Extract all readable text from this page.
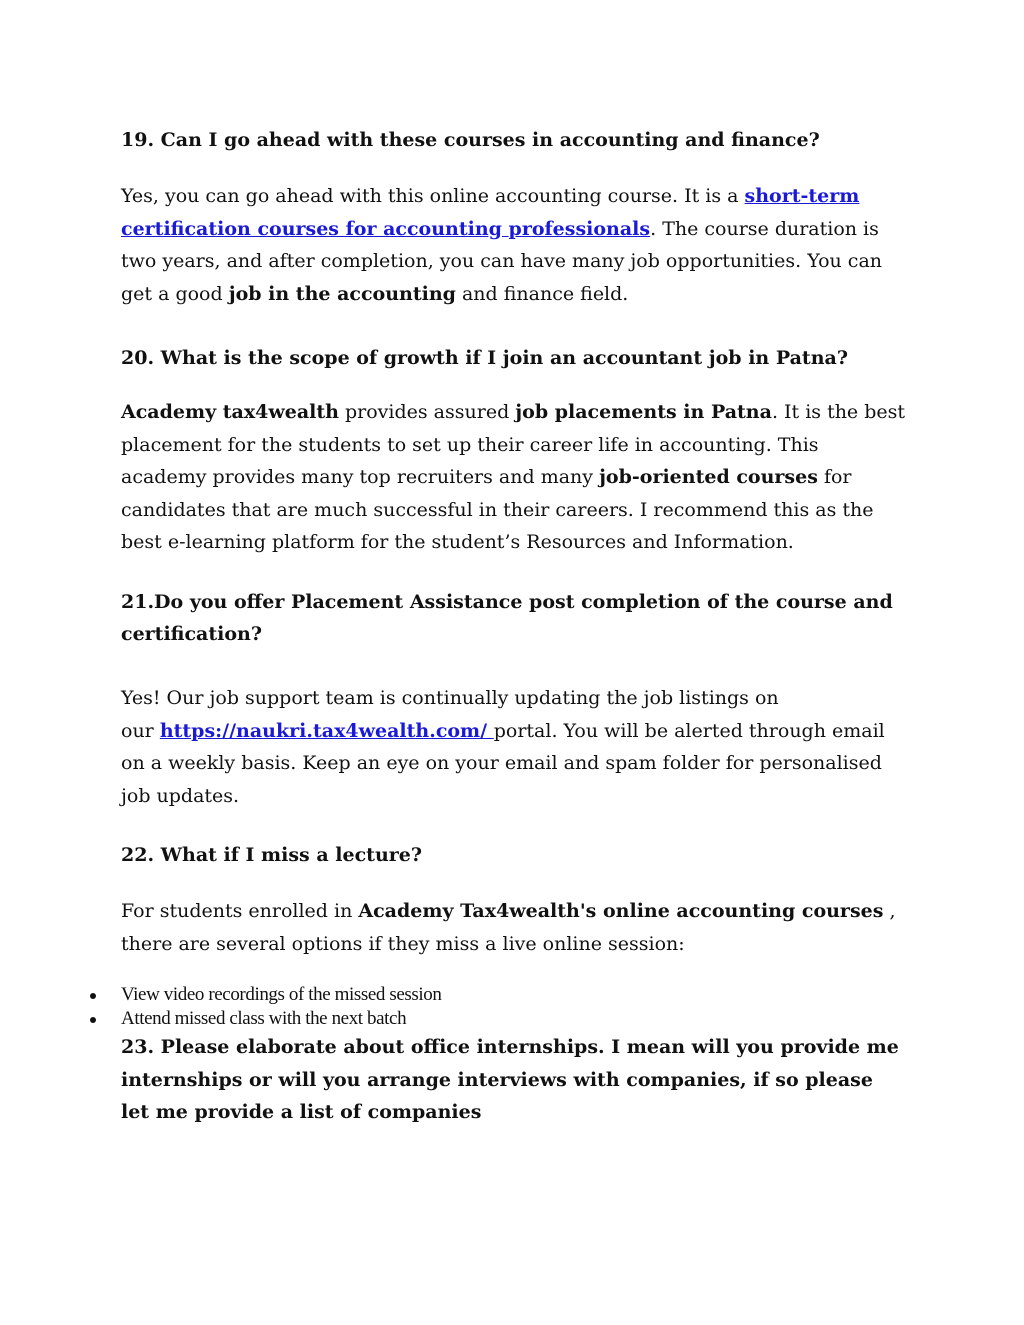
19. Can I go ahead with these courses in accounting and finance?

Yes, you can go ahead with this online accounting course. It is a short-term certification courses for accounting professionals. The course duration is two years, and after completion, you can have many job opportunities. You can get a good job in the accounting and finance field.

20. What is the scope of growth if I join an accountant job in Patna?

Academy tax4wealth provides assured job placements in Patna. It is the best placement for the students to set up their career life in accounting. This academy provides many top recruiters and many job-oriented courses for candidates that are much successful in their careers. I recommend this as the best e-learning platform for the student’s Resources and Information.

21.Do you offer Placement Assistance post completion of the course and certification?

Yes! Our job support team is continually updating the job listings on
our https://naukri.tax4wealth.com/ portal. You will be alerted through email on a weekly basis. Keep an eye on your email and spam folder for personalised job updates.

22. What if I miss a lecture?

For students enrolled in Academy Tax4wealth's online accounting courses , there are several options if they miss a live online session:

View video recordings of the missed session
Attend missed class with the next batch

23. Please elaborate about office internships. I mean will you provide me internships or will you arrange interviews with companies, if so please let me provide a list of companies
